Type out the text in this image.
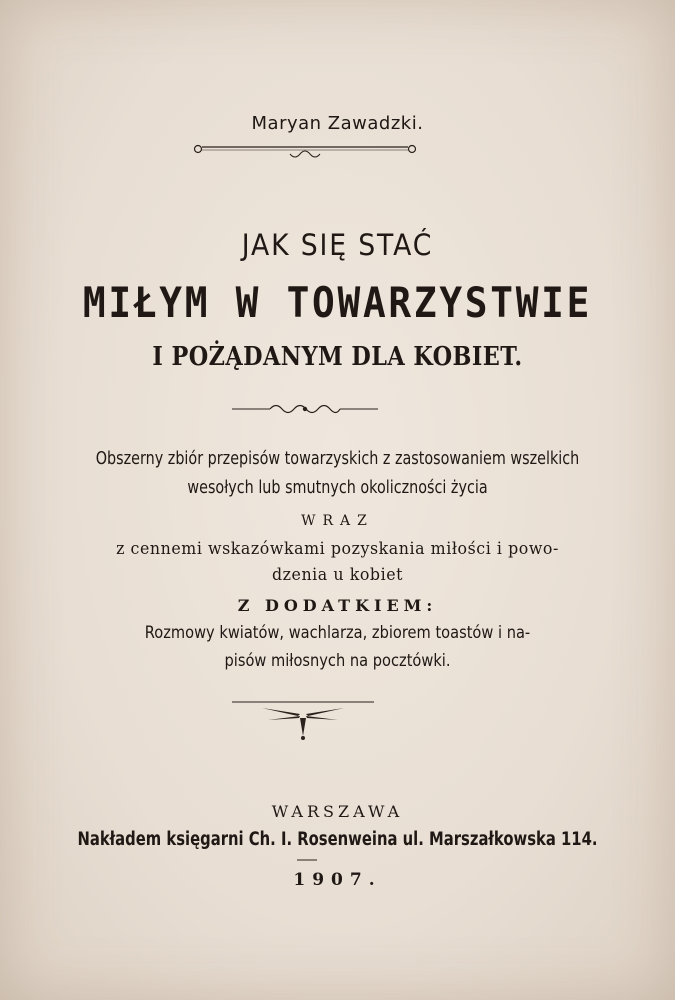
Maryan Zawadzki.
JAK SIĘ STAĆ
MIŁYM W TOWARZYSTWIE
I POŻĄDANYM DLA KOBIET.
Obszerny zbiór przepisów towarzyskich z zastosowaniem wszelkich
wesołych lub smutnych okoliczności życia
WRAZ
z cennemi wskazówkami pozyskania miłości i powo-
dzenia u kobiet
Z DODATKIEM:
Rozmowy kwiatów, wachlarza, zbiorem toastów i na-
pisów miłosnych na pocztówki.
WARSZAWA
Nakładem księgarni Ch. I. Rosenweina ul. Marszałkowska 114.
1907.
